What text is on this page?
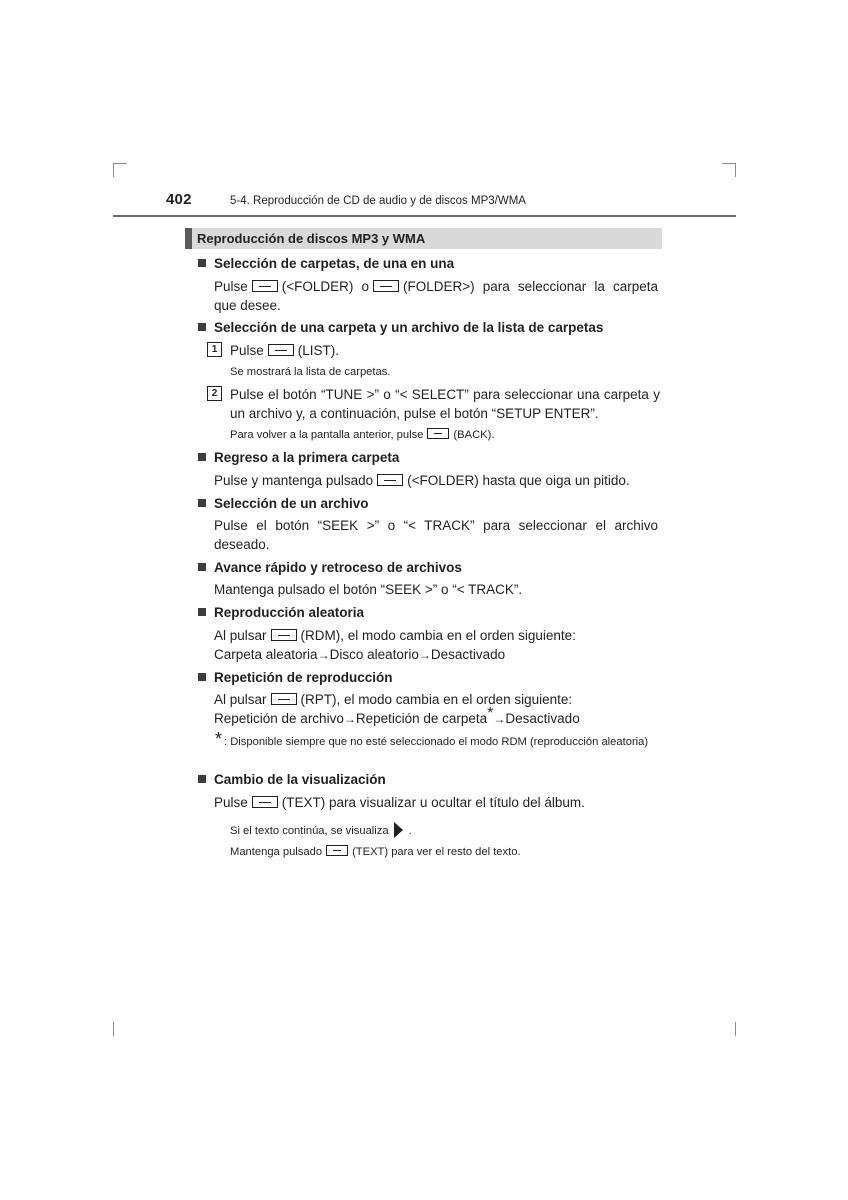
402	5-4. Reproducción de CD de audio y de discos MP3/WMA
Reproducción de discos MP3 y WMA
Selección de carpetas, de una en una
Pulse	(<FOLDER) o	(FOLDER>) para seleccionar la carpeta que desee.
Selección de una carpeta y un archivo de la lista de carpetas
1 Pulse	(LIST).
Se mostrará la lista de carpetas.
2 Pulse el botón “TUNE >” o “< SELECT” para seleccionar una carpeta y un archivo y, a continuación, pulse el botón “SETUP ENTER”.
Para volver a la pantalla anterior, pulse	(BACK).
Regreso a la primera carpeta
Pulse y mantenga pulsado	(<FOLDER) hasta que oiga un pitido.
Selección de un archivo
Pulse el botón “SEEK >” o “< TRACK” para seleccionar el archivo deseado.
Avance rápido y retroceso de archivos
Mantenga pulsado el botón “SEEK >” o “< TRACK”.
Reproducción aleatoria
Al pulsar	(RDM), el modo cambia en el orden siguiente:
Carpeta aleatoria→Disco aleatorio→Desactivado
Repetición de reproducción
Al pulsar	(RPT), el modo cambia en el orden siguiente:
Repetición de archivo→Repetición de carpeta*→Desactivado
* : Disponible siempre que no esté seleccionado el modo RDM (reproducción aleatoria)
Cambio de la visualización
Pulse	(TEXT) para visualizar u ocultar el título del álbum.
Si el texto continúa, se visualiza .
Mantenga pulsado	(TEXT) para ver el resto del texto.
